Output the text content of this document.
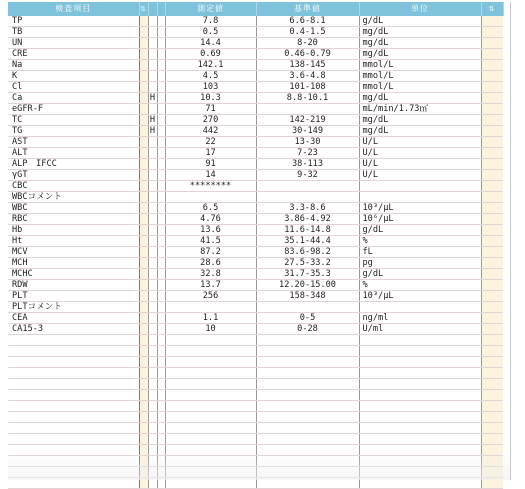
検査項目	⇅			測定値	基準値	単位	⇅
TP				7.8	6.6-8.1	g/dL	
TB				0.5	0.4-1.5	mg/dL	
UN				14.4	8-20	mg/dL	
CRE				0.69	0.46-0.79	mg/dL	
Na				142.1	138-145	mmol/L	
K				4.5	3.6-4.8	mmol/L	
Cl				103	101-108	mmol/L	
Ca		H		10.3	8.8-10.1	mg/dL	
eGFR-F				71		mL/min/1.73㎡	
TC		H		270	142-219	mg/dL	
TG		H		442	30-149	mg/dL	
AST				22	13-30	U/L	
ALT				17	7-23	U/L	
ALP　IFCC				91	38-113	U/L	
γGT				14	9-32	U/L	
CBC				********			
WBCコメント							
WBC				6.5	3.3-8.6	10³/μL	
RBC				4.76	3.86-4.92	10⁶/μL	
Hb				13.6	11.6-14.8	g/dL	
Ht				41.5	35.1-44.4	%	
MCV				87.2	83.6-98.2	fL	
MCH				28.6	27.5-33.2	pg	
MCHC				32.8	31.7-35.3	g/dL	
RDW				13.7	12.20-15.00	%	
PLT				256	158-348	10³/μL	
PLTコメント							
CEA				1.1	0-5	ng/ml	
CA15-3				10	0-28	U/ml	
